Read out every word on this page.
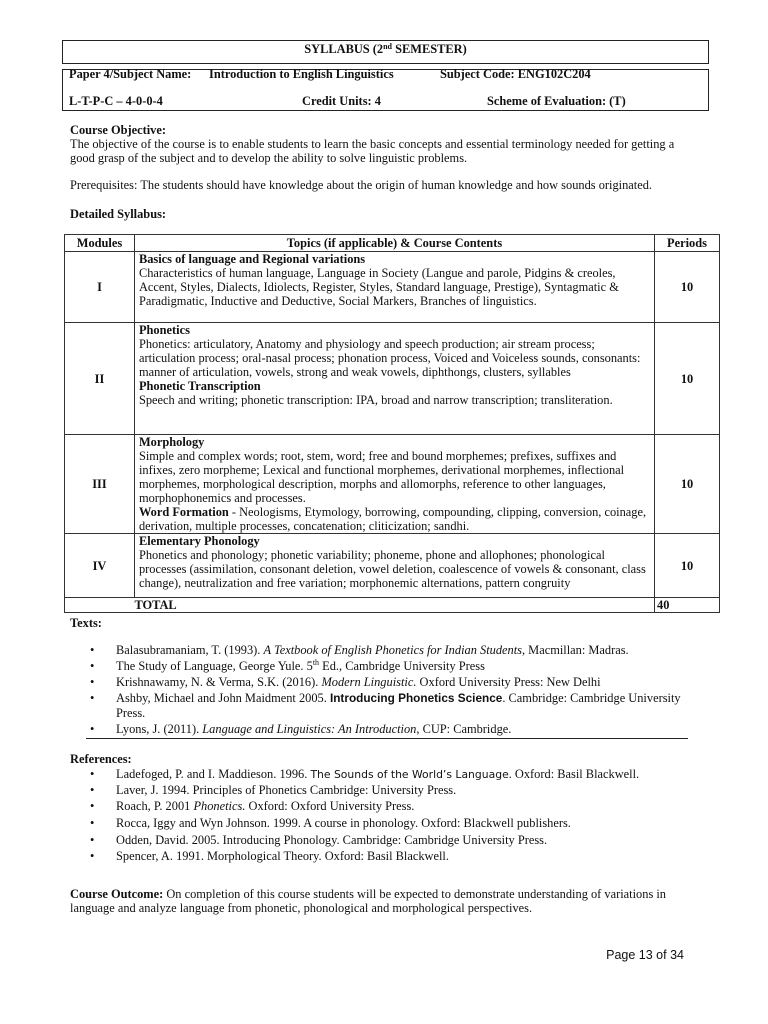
SYLLABUS (2nd SEMESTER)
Paper 4/Subject Name: Introduction to English Linguistics	Subject Code: ENG102C204
L-T-P-C – 4-0-0-4	Credit Units: 4	Scheme of Evaluation: (T)
Course Objective:
The objective of the course is to enable students to learn the basic concepts and essential terminology needed for getting a good grasp of the subject and to develop the ability to solve linguistic problems.
Prerequisites: The students should have knowledge about the origin of human knowledge and how sounds originated.
Detailed Syllabus:
Modules	Topics (if applicable) & Course Contents	Periods
I	Basics of language and Regional variations
Characteristics of human language, Language in Society (Langue and parole, Pidgins & creoles, Accent, Styles, Dialects, Idiolects, Register, Styles, Standard language, Prestige), Syntagmatic & Paradigmatic, Inductive and Deductive, Social Markers, Branches of linguistics.	10
II	Phonetics
Phonetics: articulatory, Anatomy and physiology and speech production; air stream process; articulation process; oral-nasal process; phonation process, Voiced and Voiceless sounds, consonants: manner of articulation, vowels, strong and weak vowels, diphthongs, clusters, syllables
Phonetic Transcription
Speech and writing; phonetic transcription: IPA, broad and narrow transcription; transliteration.	10
III	Morphology
Simple and complex words; root, stem, word; free and bound morphemes; prefixes, suffixes and infixes, zero morpheme; Lexical and functional morphemes, derivational morphemes, inflectional morphemes, morphological description, morphs and allomorphs, reference to other languages, morphophonemics and processes.
Word Formation - Neologisms, Etymology, borrowing, compounding, clipping, conversion, coinage, derivation, multiple processes, concatenation; cliticization; sandhi.	10
IV	Elementary Phonology
Phonetics and phonology; phonetic variability; phoneme, phone and allophones; phonological processes (assimilation, consonant deletion, vowel deletion, coalescence of vowels & consonant, class change), neutralization and free variation; morphonemic alternations, pattern congruity	10
	TOTAL	40
Texts:
• Balasubramaniam, T. (1993). A Textbook of English Phonetics for Indian Students, Macmillan: Madras.
• The Study of Language, George Yule. 5th Ed., Cambridge University Press
• Krishnawamy, N. & Verma, S.K. (2016). Modern Linguistic. Oxford University Press: New Delhi
• Ashby, Michael and John Maidment 2005. Introducing Phonetics Science. Cambridge: Cambridge University Press.
• Lyons, J. (2011). Language and Linguistics: An Introduction, CUP: Cambridge.
References:
• Ladefoged, P. and I. Maddieson. 1996. The Sounds of the World’s Language. Oxford: Basil Blackwell.
• Laver, J. 1994. Principles of Phonetics Cambridge: University Press.
• Roach, P. 2001 Phonetics. Oxford: Oxford University Press.
• Rocca, Iggy and Wyn Johnson. 1999. A course in phonology. Oxford: Blackwell publishers.
• Odden, David. 2005. Introducing Phonology. Cambridge: Cambridge University Press.
• Spencer, A. 1991. Morphological Theory. Oxford: Basil Blackwell.
Course Outcome: On completion of this course students will be expected to demonstrate understanding of variations in language and analyze language from phonetic, phonological and morphological perspectives.
Page 13 of 34
